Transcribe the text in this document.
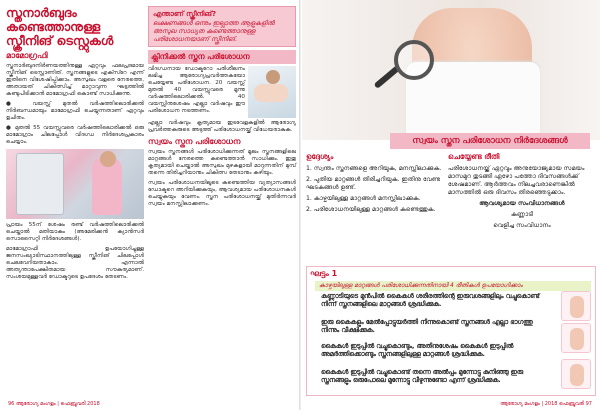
സ്തനാർബുദം കണ്ടെത്താനുള്ള സ്ക്രീനിങ് ടെസ്റ്റുകൾ
മാമോഗ്രഫി
സ്തനാർബുദനിർണയത്തിനുള്ള ഏറ്റവും ഫലപ്രദമായ സ്ക്രീനിങ് ടെസ്റ്റാണിത്. സ്തനങ്ങളുടെ എക്സ്റേ എന്ന് ഇതിനെ വിശേഷിപ്പിക്കാം. അസുഖം വളരെ നേരത്തെ, അതായത് ചികിത്സിച്ച് മാറ്റാവുന്ന ഘട്ടത്തിൽ കണ്ടുപിടിക്കാൻ മാമോഗ്രഫി കൊണ്ട് സാധിക്കുന്നു.
● വയസ്സ് മുതൽ വർഷത്തിലൊരിക്കൽ നിർബന്ധമായും മാമോഗ്രഫി ചെയ്യുന്നതാണ് ഏറ്റവും ഉചിതം.
● മുതൽ 55 വയസ്സുവരെ വർഷത്തിലൊരിക്കൽ ഒരു മാമോഗ്രാം ചിലപ്പോൾ വിദഗ്ധ നിർദേശപ്രകാരം ചെയ്യാം.
പ്രായം 55ന് ശേഷം രണ്ട് വർഷത്തിലൊരിക്കൽ ചെയ്താൽ മതിയാകും (അമേരിക്കൻ ക്യാൻസർ സൊസൈറ്റി നിർദേശങ്ങൾ).
മാമോഗ്രാഫി ഉപയോഗിച്ചുള്ള ജനസംഖ്യാടിസ്ഥാനത്തിലുള്ള സ്ക്രീനിങ് ചിലപ്പോൾ ചെലവേറിയതാകാം. എന്നാൽ അത്യന്താപേക്ഷിതമായ സൗകര്യമാണ്. സംശയമുള്ളവർ ഡോക്ടറുടെ ഉപദേശം തേടണം.
എന്താണ് സ്ക്രീനിങ്?
ലക്ഷണങ്ങൾ ഒന്നും ഇല്ലാത്ത ആളുകളിൽ അസുഖ സാധ്യത കണ്ടെത്താനുള്ള പരിശോധനയാണ് സ്ക്രീനിങ്.
ക്ലിനിക്കൽ സ്തന പരിശോധന
വിദഗ്ധനായ ഡോക്ടറോ പരിശീലനം ലഭിച്ച ആരോഗ്യപ്രവർത്തകയോ ചെയ്യേണ്ട പരിശോധന. 20 വയസ്സ് മുതൽ 40 വയസ്സുവരെ മൂന്നു വർഷത്തിലൊരിക്കൽ. 40 വയസ്സിനുശേഷം എല്ലാ വർഷവും ഈ പരിശോധന നടത്തണം.
എല്ലാ വർഷവും കൃത്യമായ ഇടവേളകളിൽ ആരോഗ്യ പ്രവർത്തകരുടെ അടുത്ത് പരിശോധനയ്ക്ക് വിധേയരാകുക.
സ്വയം സ്തന പരിശോധന
സ്വയം സ്തനങ്ങൾ പരിശോധിക്കുന്നത് മൂലം സ്തനങ്ങളിലെ മാറ്റങ്ങൾ നേരത്തെ കണ്ടെത്താൻ സാധിക്കും. ഇതു കൃത്യമായി ചെയ്താൽ അസുഖം മുഴകളായി മാറുന്നതിന് മുമ്പ് തന്നെ തിരിച്ചറിയാനും ചികിത്സ തേടാനും കഴിയും.
സ്വയം പരിശോധനയിലൂടെ കണ്ടെത്തിയ വ്യത്യാസങ്ങൾ ഡോക്ടറെ അറിയിക്കുകയും, ആവശ്യമായ പരിശോധനകൾ ചെയ്യുകയും വേണം. സ്തന പരിശോധനയ്ക്ക് മുതിർന്നവർ സ്വയം മനസ്സിലാക്കണം.
96 ആരോഗ്യ മംഗളം | ഫെബ്രുവരി 2018
സ്വയം സ്തന പരിശോധന നിർദേശങ്ങൾ
ഉദ്ദേശ്യം
1. സ്വന്തം സ്തനങ്ങളെ അറിയുക, മനസ്സിലാക്കുക.
2. പുതിയ മാറ്റങ്ങൾ തിരിച്ചറിയുക. ഇതിനു വേണ്ട ഘടകങ്ങൾ ഉണ്ട്.
1. കാഴ്ചയിലുള്ള മാറ്റങ്ങൾ മനസ്സിലാക്കുക.
2. പരിശോധനയിലുള്ള മാറ്റങ്ങൾ കണ്ടെത്തുക.
ചെയ്യേണ്ട രീതി
പരിശോധനയ്ക്ക് ഏറ്റവും അനുയോജ്യമായ സമയം മാസമുറ തുടങ്ങി ഏഴോ പത്തോ ദിവസങ്ങൾക്ക് ശേഷമാണ്. ആർത്തവം നിലച്ചവരാണെങ്കിൽ മാസത്തിൽ ഒരു ദിവസം തിരഞ്ഞെടുക്കാം.
ആവശ്യമായ സംവിധാനങ്ങൾ
കണ്ണാടി
വെളിച്ച സംവിധാനം
ഘട്ടം 1
കാഴ്ചയിലുള്ള മാറ്റങ്ങൾ പരിശോധിക്കുന്നതിനായി 4 രീതികൾ ഉപയോഗിക്കാം
കണ്ണാടിയുടെ മുൻപിൽ കൈകൾ ശരീരത്തിന്റെ ഇരുവശങ്ങളിലും വച്ചുകൊണ്ട് നിന്ന് സ്തനങ്ങളിലെ മാറ്റങ്ങൾ ശ്രദ്ധിക്കുക.
ഇരു കൈകളും മേൽപ്പോട്ടുയർത്തി നിന്നുകൊണ്ട് സ്തനങ്ങൾ എല്ലാ ഭാഗത്തു നിന്നും വീക്ഷിക്കുക.
കൈകൾ ഇടുപ്പിൽ വച്ചുകൊണ്ടും, അതിനുശേഷം കൈകൾ ഇടുപ്പിൽ അമർത്തിക്കൊണ്ടും സ്തനങ്ങളിലുള്ള മാറ്റങ്ങൾ ശ്രദ്ധിക്കുക.
കൈകൾ ഇടുപ്പിൽ വച്ചുകൊണ്ട് തന്നെ അൽപ്പം മുന്നോട്ടു കുനിഞ്ഞു ഇരു സ്തനങ്ങളും ഒരുപോലെ മുന്നോട്ടു വീഴുന്നുണ്ടോ എന്ന് ശ്രദ്ധിക്കുക.
ആരോഗ്യ മംഗളം | 2018 ഫെബ്രുവരി 97
